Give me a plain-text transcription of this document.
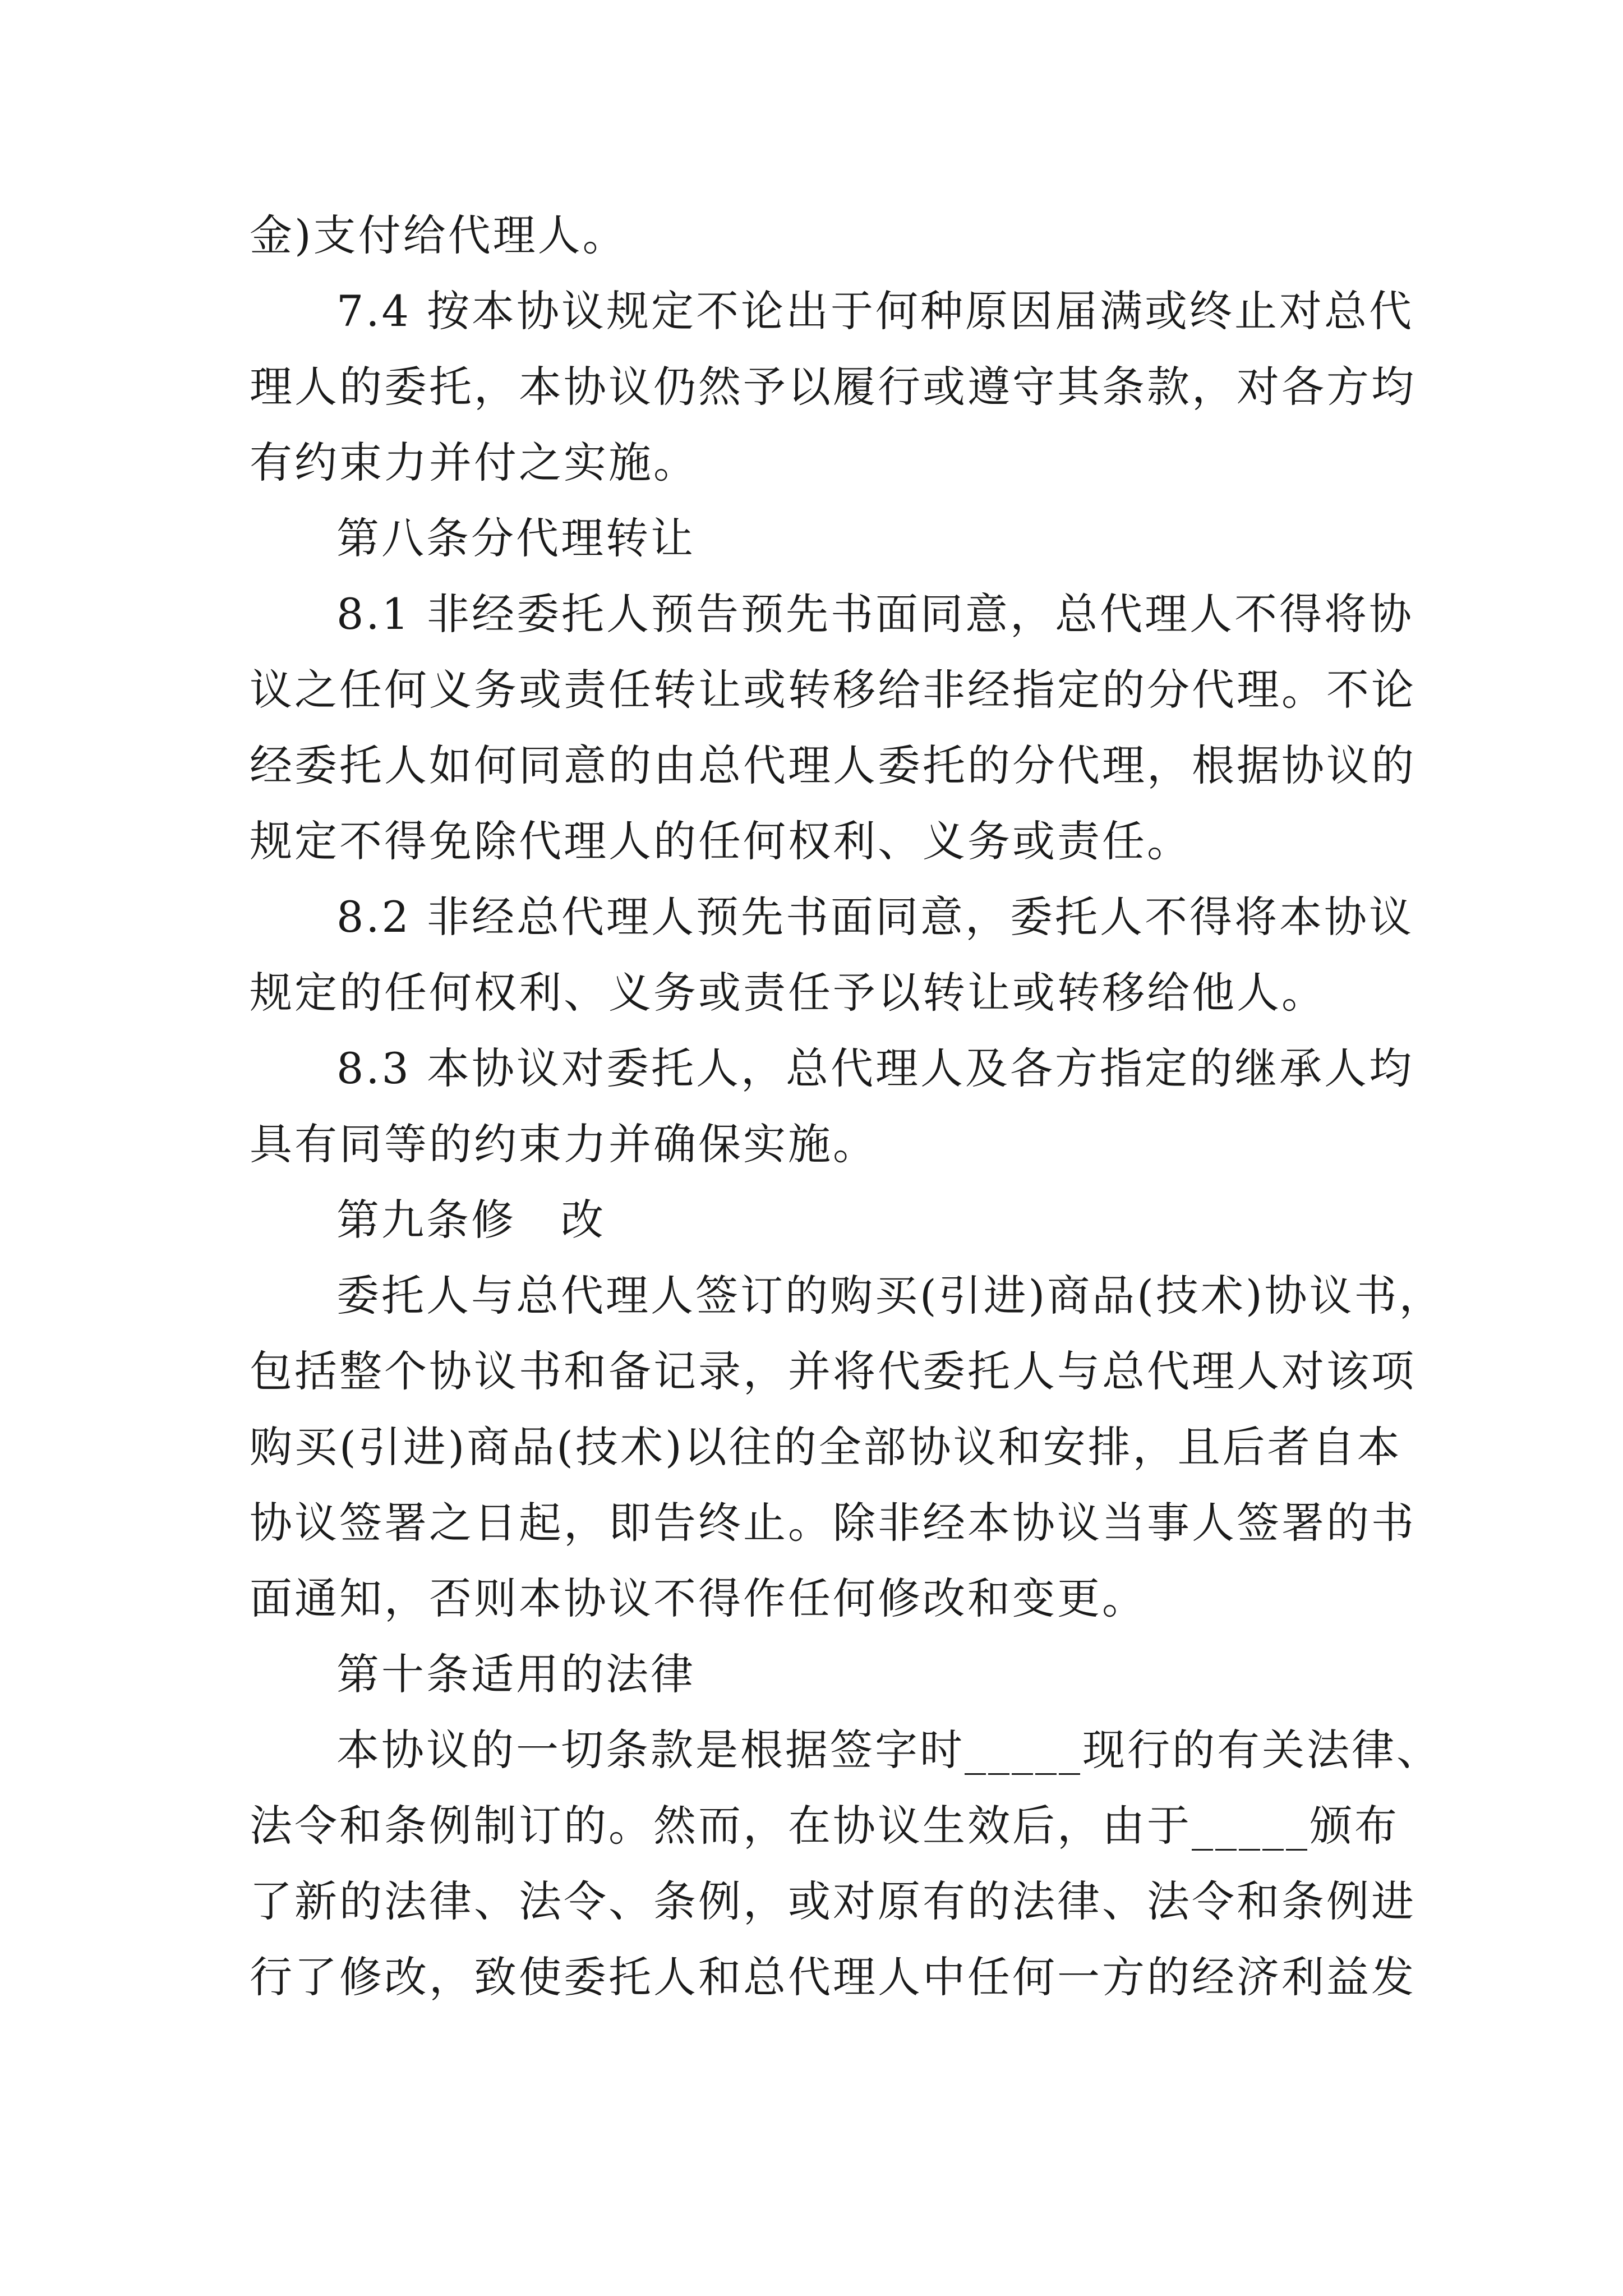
金)支付给代理人。

7.4 按本协议规定不论出于何种原因届满或终止对总代

理人的委托，本协议仍然予以履行或遵守其条款，对各方均

有约束力并付之实施。

第八条分代理转让

8.1 非经委托人预告预先书面同意，总代理人不得将协

议之任何义务或责任转让或转移给非经指定的分代理。不论

经委托人如何同意的由总代理人委托的分代理，根据协议的

规定不得免除代理人的任何权利、义务或责任。

8.2 非经总代理人预先书面同意，委托人不得将本协议

规定的任何权利、义务或责任予以转让或转移给他人。

8.3 本协议对委托人，总代理人及各方指定的继承人均

具有同等的约束力并确保实施。

第九条修　改

委托人与总代理人签订的购买(引进)商品(技术)协议书，

包括整个协议书和备记录，并将代委托人与总代理人对该项

购买(引进)商品(技术)以往的全部协议和安排，且后者自本

协议签署之日起，即告终止。除非经本协议当事人签署的书

面通知，否则本协议不得作任何修改和变更。

第十条适用的法律

本协议的一切条款是根据签字时_____现行的有关法律、

法令和条例制订的。然而，在协议生效后，由于_____颁布

了新的法律、法令、条例，或对原有的法律、法令和条例进

行了修改，致使委托人和总代理人中任何一方的经济利益发
